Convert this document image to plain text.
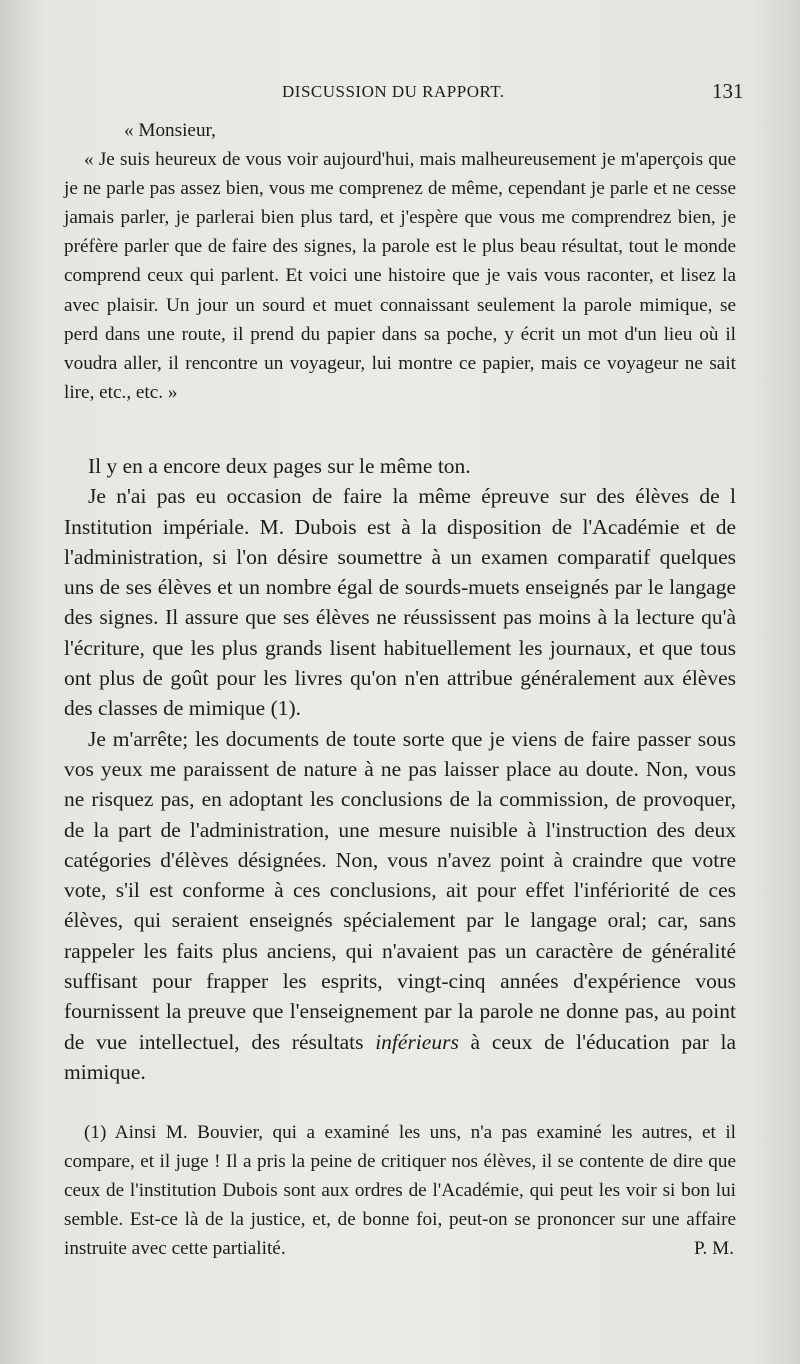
DISCUSSION DU RAPPORT.	131

« Monsieur,

« Je suis heureux de vous voir aujourd'hui, mais malheureusement je m'aperçois que je ne parle pas assez bien, vous me comprenez de même, cependant je parle et ne cesse jamais parler, je parlerai bien plus tard, et j'espère que vous me comprendrez bien, je préfère parler que de faire des signes, la parole est le plus beau résultat, tout le monde comprend ceux qui parlent. Et voici une histoire que je vais vous raconter, et lisez la avec plaisir. Un jour un sourd et muet connaissant seulement la parole mimique, se perd dans une route, il prend du papier dans sa poche, y écrit un mot d'un lieu où il voudra aller, il rencontre un voyageur, lui montre ce papier, mais ce voyageur ne sait lire, etc., etc. »

Il y en a encore deux pages sur le même ton.

Je n'ai pas eu occasion de faire la même épreuve sur des élèves de l Institution impériale. M. Dubois est à la disposition de l'Académie et de l'administration, si l'on désire soumettre à un examen comparatif quelques uns de ses élèves et un nombre égal de sourds-muets enseignés par le langage des signes. Il assure que ses élèves ne réussissent pas moins à la lecture qu'à l'écriture, que les plus grands lisent habituellement les journaux, et que tous ont plus de goût pour les livres qu'on n'en attribue généralement aux élèves des classes de mimique (1).

Je m'arrête; les documents de toute sorte que je viens de faire passer sous vos yeux me paraissent de nature à ne pas laisser place au doute. Non, vous ne risquez pas, en adoptant les conclusions de la commission, de provoquer, de la part de l'administration, une mesure nuisible à l'instruction des deux catégories d'élèves désignées. Non, vous n'avez point à craindre que votre vote, s'il est conforme à ces conclusions, ait pour effet l'infériorité de ces élèves, qui seraient enseignés spécialement par le langage oral; car, sans rappeler les faits plus anciens, qui n'avaient pas un caractère de généralité suffisant pour frapper les esprits, vingt-cinq années d'expérience vous fournissent la preuve que l'enseignement par la parole ne donne pas, au point de vue intellectuel, des résultats inférieurs à ceux de l'éducation par la mimique.

(1) Ainsi M. Bouvier, qui a examiné les uns, n'a pas examiné les autres, et il compare, et il juge ! Il a pris la peine de critiquer nos élèves, il se contente de dire que ceux de l'institution Dubois sont aux ordres de l'Académie, qui peut les voir si bon lui semble. Est-ce là de la justice, et, de bonne foi, peut-on se prononcer sur une affaire instruite avec cette partialité.	P. M.
